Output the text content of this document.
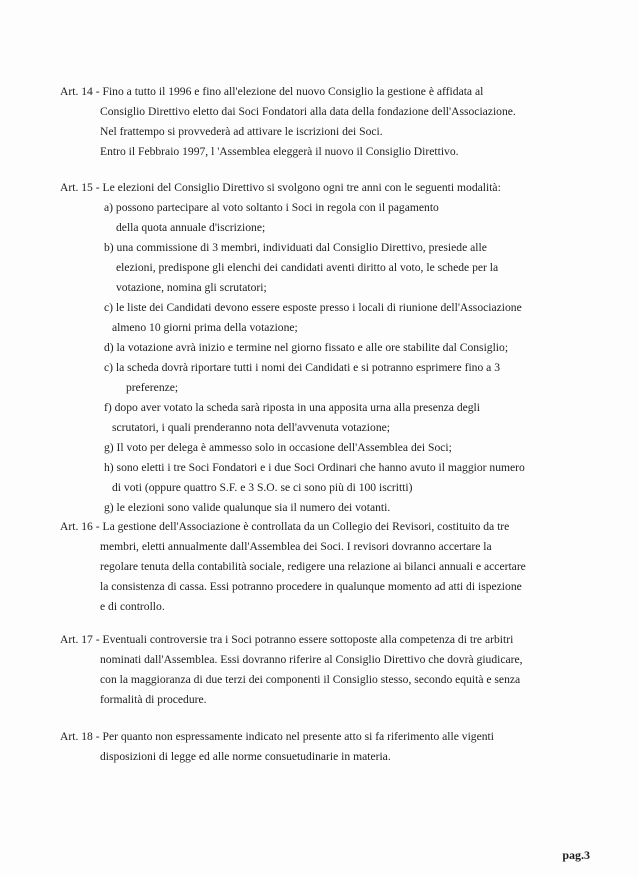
Art. 14 - Fino a tutto il 1996 e fino all'elezione del nuovo Consiglio la gestione è affidata al
Consiglio Direttivo eletto dai Soci Fondatori alla data della fondazione dell'Associazione.
Nel frattempo si provvederà ad attivare le iscrizioni dei Soci.
Entro il Febbraio 1997, l 'Assemblea eleggerà il nuovo il Consiglio Direttivo.
Art. 15 - Le elezioni del Consiglio Direttivo si svolgono ogni tre anni con le seguenti modalità:
a) possono partecipare al voto soltanto i Soci in regola con il pagamento
della quota annuale d'iscrizione;
b) una commissione di 3 membri, individuati dal Consiglio Direttivo, presiede alle
elezioni, predispone gli elenchi dei candidati aventi diritto al voto, le schede per la
votazione, nomina gli scrutatori;
c) le liste dei Candidati devono essere esposte presso i locali di riunione dell'Associazione
almeno 10 giorni prima della votazione;
d) la votazione avrà inizio e termine nel giorno fissato e alle ore stabilite dal Consiglio;
c) la scheda dovrà riportare tutti i nomi dei Candidati e si potranno esprimere fino a 3
preferenze;
f) dopo aver votato la scheda sarà riposta in una apposita urna alla presenza degli
scrutatori, i quali prenderanno nota dell'avvenuta votazione;
g) Il voto per delega è ammesso solo in occasione dell'Assemblea dei Soci;
h) sono eletti i tre Soci Fondatori e i due Soci Ordinari che hanno avuto il maggior numero
di voti (oppure quattro S.F. e 3 S.O. se ci sono più di 100 iscritti)
g) le elezioni sono valide qualunque sia il numero dei votanti.
Art. 16 - La gestione dell'Associazione è controllata da un Collegio dei Revisori, costituito da tre
membri, eletti annualmente dall'Assemblea dei Soci. I revisori dovranno accertare la
regolare tenuta della contabilità sociale, redigere una relazione ai bilanci annuali e accertare
la consistenza di cassa. Essi potranno procedere in qualunque momento ad atti di ispezione
e di controllo.
Art. 17 - Eventuali controversie tra i Soci potranno essere sottoposte alla competenza di tre arbitri
nominati dall'Assemblea. Essi dovranno riferire al Consiglio Direttivo che dovrà giudicare,
con la maggioranza di due terzi dei componenti il Consiglio stesso, secondo equità e senza
formalità di procedure.
Art. 18 - Per quanto non espressamente indicato nel presente atto si fa riferimento alle vigenti
disposizioni di legge ed alle norme consuetudinarie in materia.
pag.3
